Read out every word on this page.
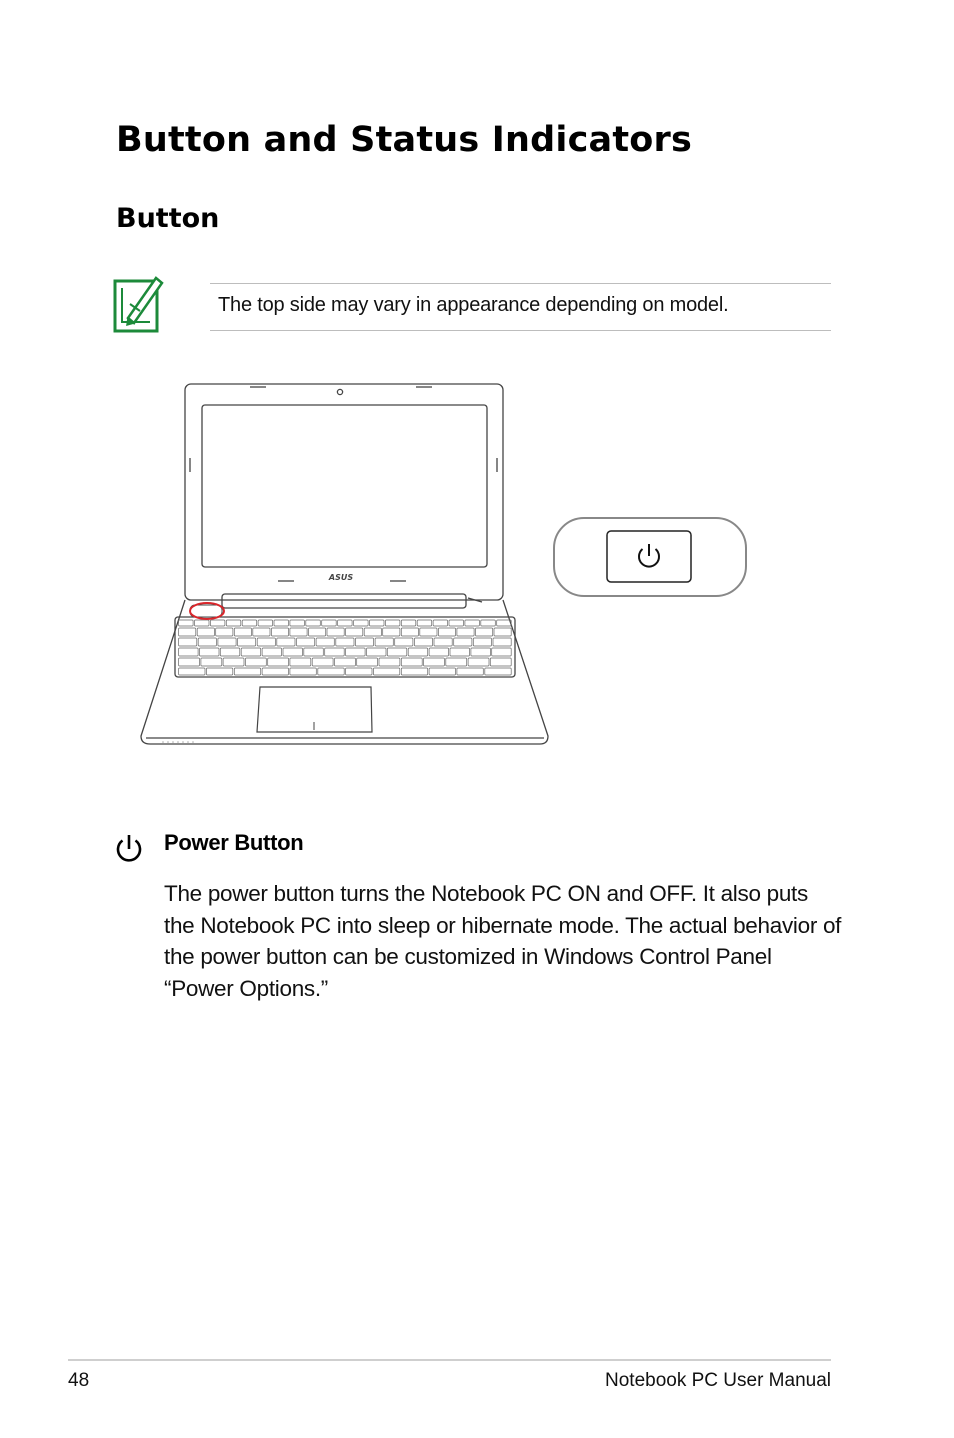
Button and Status Indicators
Button
The top side may vary in appearance depending on model.
ASUS
Power Button

The power button turns the Notebook PC ON and OFF. It also puts the Notebook PC into sleep or hibernate mode. The actual behavior of the power button can be customized in Windows Control Panel “Power Options.”

48	Notebook PC User Manual
